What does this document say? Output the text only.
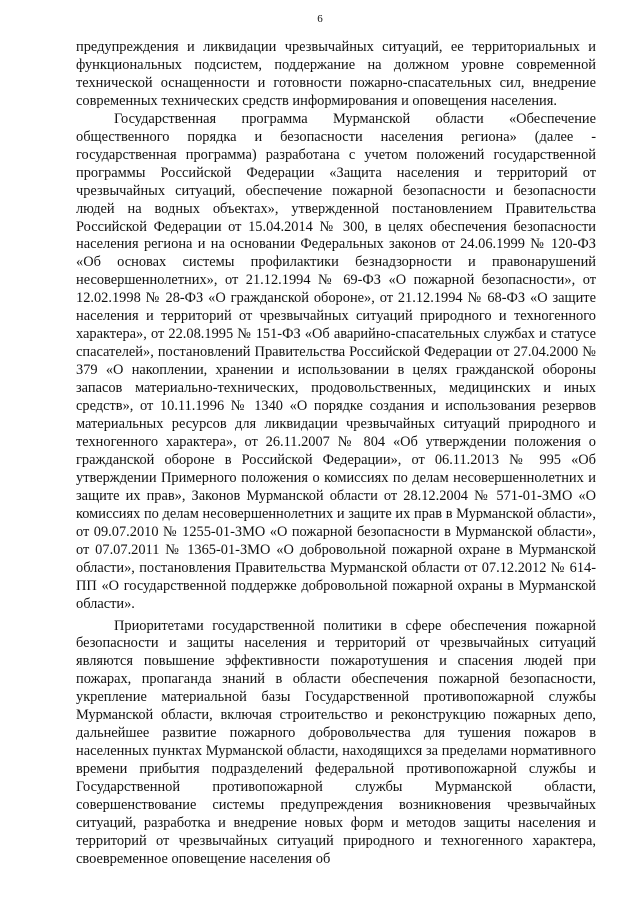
6

предупреждения и ликвидации чрезвычайных ситуаций, ее территориальных и функциональных подсистем, поддержание на должном уровне современной технической оснащенности и готовности пожарно-спасательных сил, внедрение современных технических средств информирования и оповещения населения.

Государственная программа Мурманской области «Обеспечение общественного порядка и безопасности населения региона» (далее - государственная программа) разработана с учетом положений государственной программы Российской Федерации «Защита населения и территорий от чрезвычайных ситуаций, обеспечение пожарной безопасности и безопасности людей на водных объектах», утвержденной постановлением Правительства Российской Федерации от 15.04.2014 № 300, в целях обеспечения безопасности населения региона и на основании Федеральных законов от 24.06.1999 № 120-ФЗ «Об основах системы профилактики безнадзорности и правонарушений несовершеннолетних», от 21.12.1994 № 69-ФЗ «О пожарной безопасности», от 12.02.1998 № 28-ФЗ «О гражданской обороне», от 21.12.1994 № 68-ФЗ «О защите населения и территорий от чрезвычайных ситуаций природного и техногенного характера», от 22.08.1995 № 151-ФЗ «Об аварийно-спасательных службах и статусе спасателей», постановлений Правительства Российской Федерации от 27.04.2000 № 379 «О накоплении, хранении и использовании в целях гражданской обороны запасов материально-технических, продовольственных, медицинских и иных средств», от 10.11.1996 № 1340 «О порядке создания и использования резервов материальных ресурсов для ликвидации чрезвычайных ситуаций природного и техногенного характера», от 26.11.2007 № 804 «Об утверждении положения о гражданской обороне в Российской Федерации», от 06.11.2013 № 995 «Об утверждении Примерного положения о комиссиях по делам несовершеннолетних и защите их прав», Законов Мурманской области от 28.12.2004 № 571-01-ЗМО «О комиссиях по делам несовершеннолетних и защите их прав в Мурманской области», от 09.07.2010 № 1255-01-ЗМО «О пожарной безопасности в Мурманской области», от 07.07.2011 № 1365-01-ЗМО «О добровольной пожарной охране в Мурманской области», постановления Правительства Мурманской области от 07.12.2012 № 614-ПП «О государственной поддержке добровольной пожарной охраны в Мурманской области».

Приоритетами государственной политики в сфере обеспечения пожарной безопасности и защиты населения и территорий от чрезвычайных ситуаций являются повышение эффективности пожаротушения и спасения людей при пожарах, пропаганда знаний в области обеспечения пожарной безопасности, укрепление материальной базы Государственной противопожарной службы Мурманской области, включая строительство и реконструкцию пожарных депо, дальнейшее развитие пожарного добровольчества для тушения пожаров в населенных пунктах Мурманской области, находящихся за пределами нормативного времени прибытия подразделений федеральной противопожарной службы и Государственной противопожарной службы Мурманской области, совершенствование системы предупреждения возникновения чрезвычайных ситуаций, разработка и внедрение новых форм и методов защиты населения и территорий от чрезвычайных ситуаций природного и техногенного характера, своевременное оповещение населения об
